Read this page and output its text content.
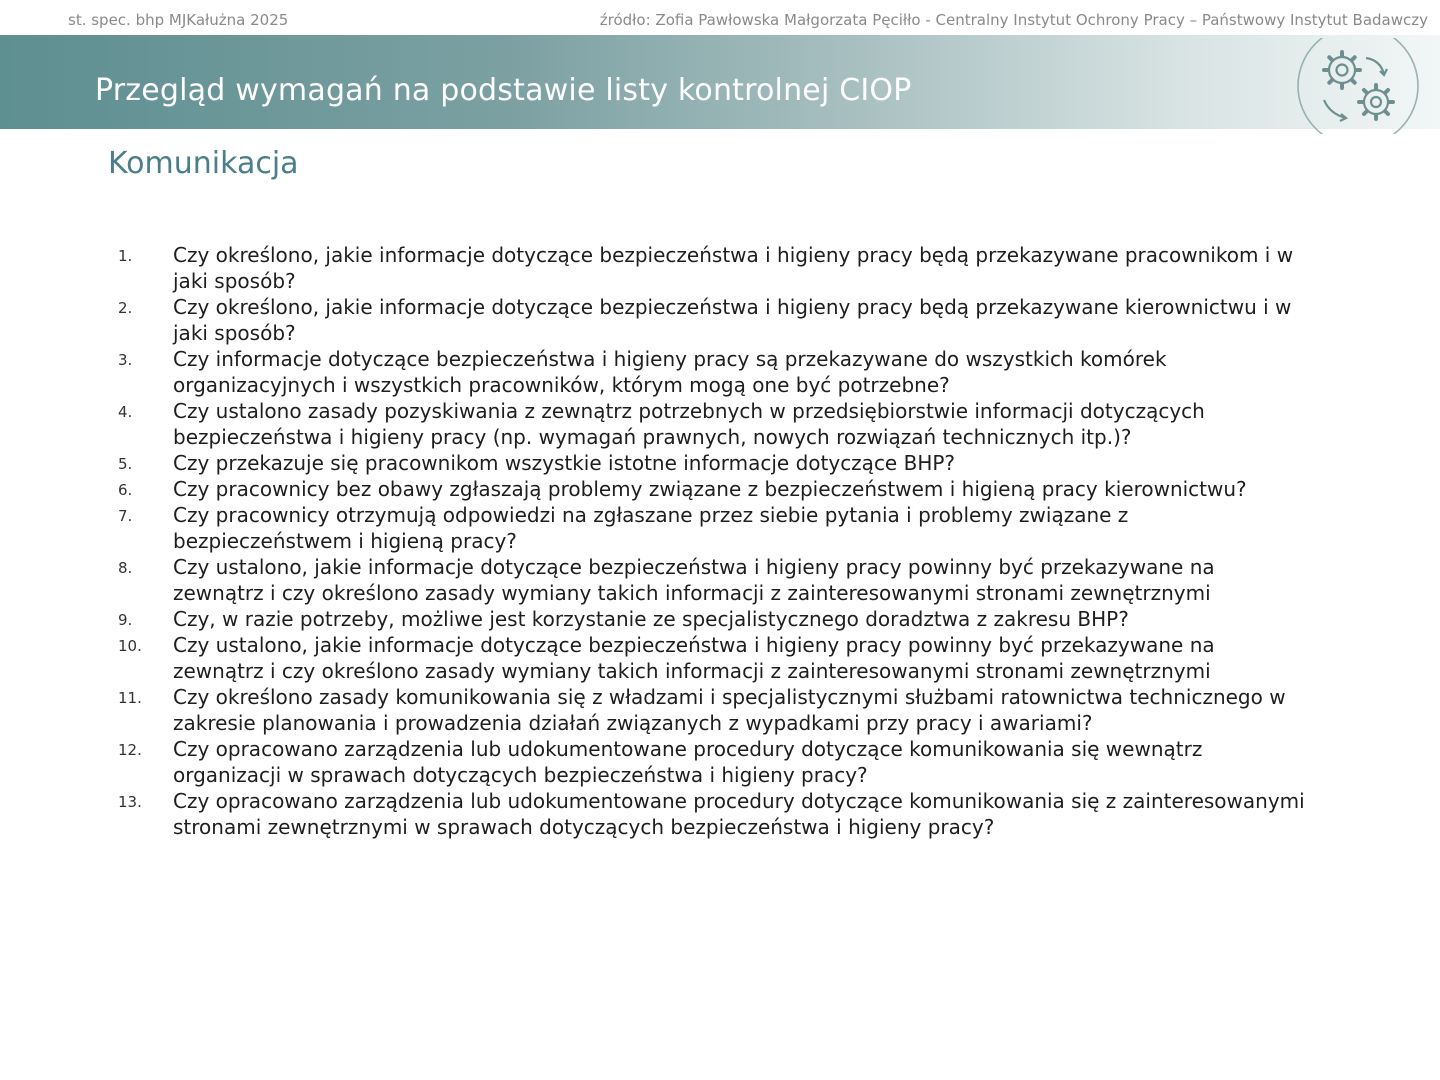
st. spec. bhp MJKałużna 2025	źródło: Zofia Pawłowska Małgorzata Pęciłło - Centralny Instytut Ochrony Pracy – Państwowy Instytut Badawczy
Przegląd wymagań na podstawie listy kontrolnej CIOP
Komunikacja
1. Czy określono, jakie informacje dotyczące bezpieczeństwa i higieny pracy będą przekazywane pracownikom i w jaki sposób?
2. Czy określono, jakie informacje dotyczące bezpieczeństwa i higieny pracy będą przekazywane kierownictwu i w jaki sposób?
3. Czy informacje dotyczące bezpieczeństwa i higieny pracy są przekazywane do wszystkich komórek organizacyjnych i wszystkich pracowników, którym mogą one być potrzebne?
4. Czy ustalono zasady pozyskiwania z zewnątrz potrzebnych w przedsiębiorstwie informacji dotyczących bezpieczeństwa i higieny pracy (np. wymagań prawnych, nowych rozwiązań technicznych itp.)?
5. Czy przekazuje się pracownikom wszystkie istotne informacje dotyczące BHP?
6. Czy pracownicy bez obawy zgłaszają problemy związane z bezpieczeństwem i higieną pracy kierownictwu?
7. Czy pracownicy otrzymują odpowiedzi na zgłaszane przez siebie pytania i problemy związane z bezpieczeństwem i higieną pracy?
8. Czy ustalono, jakie informacje dotyczące bezpieczeństwa i higieny pracy powinny być przekazywane na zewnątrz i czy określono zasady wymiany takich informacji z zainteresowanymi stronami zewnętrznymi
9. Czy, w razie potrzeby, możliwe jest korzystanie ze specjalistycznego doradztwa z zakresu BHP?
10. Czy ustalono, jakie informacje dotyczące bezpieczeństwa i higieny pracy powinny być przekazywane na zewnątrz i czy określono zasady wymiany takich informacji z zainteresowanymi stronami zewnętrznymi
11. Czy określono zasady komunikowania się z władzami i specjalistycznymi służbami ratownictwa technicznego w zakresie planowania i prowadzenia działań związanych z wypadkami przy pracy i awariami?
12. Czy opracowano zarządzenia lub udokumentowane procedury dotyczące komunikowania się wewnątrz organizacji w sprawach dotyczących bezpieczeństwa i higieny pracy?
13. Czy opracowano zarządzenia lub udokumentowane procedury dotyczące komunikowania się z zainteresowanymi stronami zewnętrznymi w sprawach dotyczących bezpieczeństwa i higieny pracy?
